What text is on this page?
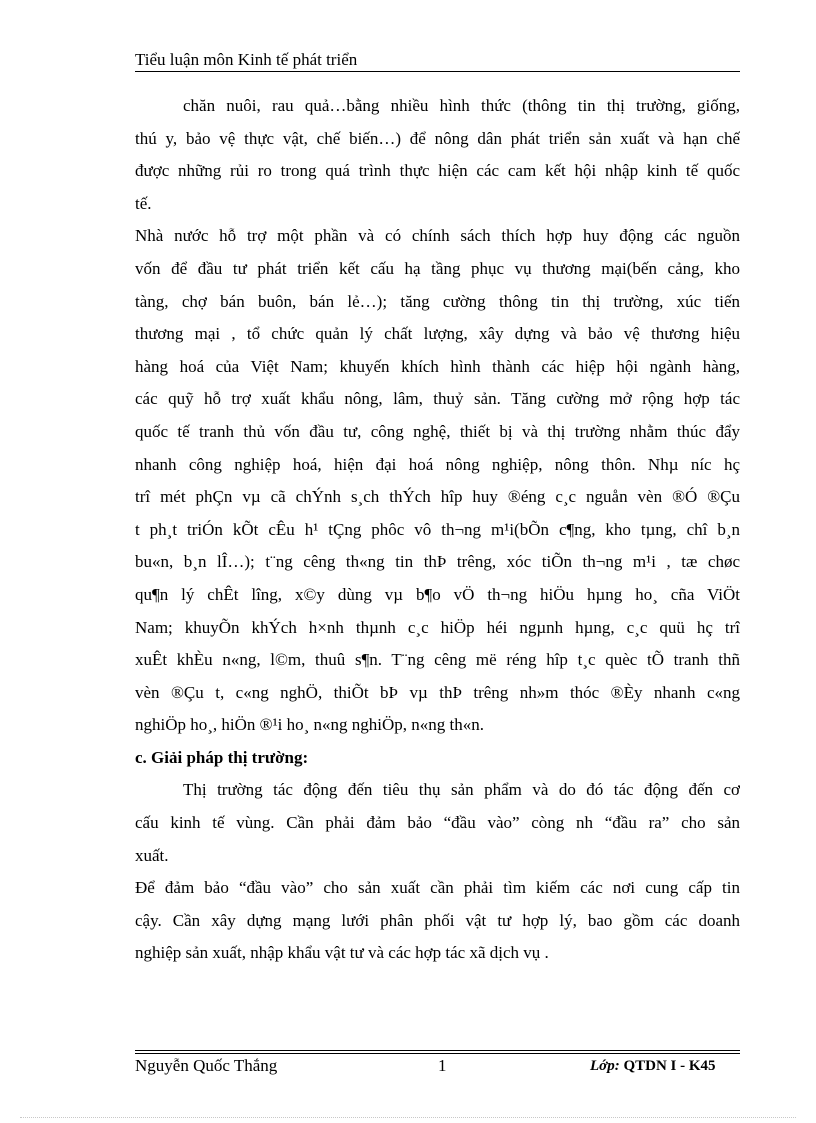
Tiểu luận môn Kinh tế phát triển
chăn nuôi, rau quả…bằng nhiều hình thức (thông tin thị trường, giống,
thú y, bảo vệ thực vật, chế biến…) để nông dân phát triển sản xuất và hạn chế
được những rủi ro trong quá trình thực hiện các cam kết hội nhập kinh tế quốc
tế.
Nhà nước hỗ trợ một phần và có chính sách thích hợp huy động các nguồn
vốn để đầu tư phát triển kết cấu hạ tầng phục vụ thương mại(bến cảng, kho
tàng, chợ bán buôn, bán lẻ…); tăng cường thông tin thị trường, xúc tiến
thương mại , tổ chức quản lý chất lượng, xây dựng và bảo vệ thương hiệu
hàng hoá của Việt Nam; khuyến khích hình thành các hiệp hội ngành hàng,
các quỹ hỗ trợ xuất khẩu nông, lâm, thuỷ sản. Tăng cường mở rộng hợp tác
quốc tế tranh thủ vốn đầu tư, công nghệ, thiết bị và thị trường nhằm thúc đẩy
nhanh công nghiệp hoá, hiện đại hoá nông nghiệp, nông thôn. Nhµ níc hç
trî mét phÇn vµ cã chÝnh s¸ch thÝch hîp huy ®éng c¸c nguån vèn ®Ó ®Çu
t ph¸t triÓn kÕt cÊu h¹ tÇng phôc vô th¬ng m¹i(bÕn c¶ng, kho tµng, chî b¸n
bu«n, b¸n lÎ…); t¨ng cêng th«ng tin thÞ trêng, xóc tiÕn th¬ng m¹i , tæ chøc
qu¶n lý chÊt lîng, x©y dùng vµ b¶o vÖ th¬ng hiÖu hµng ho¸ cña ViÖt
Nam; khuyÕn khÝch h×nh thµnh c¸c hiÖp héi ngµnh hµng, c¸c quü hç trî
xuÊt khÈu n«ng, l©m, thuû s¶n. T¨ng cêng më réng hîp t¸c quèc tÕ tranh thñ
vèn ®Çu t, c«ng nghÖ, thiÕt bÞ vµ thÞ trêng nh»m thóc ®Èy nhanh c«ng
nghiÖp ho¸, hiÖn ®¹i ho¸ n«ng nghiÖp, n«ng th«n.
c. Giải pháp thị trường:
Thị trường tác động đến tiêu thụ sản phẩm và do đó tác động đến cơ
cấu kinh tế vùng. Cần phải đảm bảo “đầu vào” còng nh “đầu ra” cho sản
xuất.
Để đảm bảo “đầu vào” cho sản xuất cần phải tìm kiếm các nơi cung cấp tin
cậy. Cần xây dựng mạng lưới phân phối vật tư hợp lý, bao gồm các doanh
nghiệp sản xuất, nhập khẩu vật tư và các hợp tác xã dịch vụ .
Nguyễn Quốc Thắng	1	Lớp: QTDN I - K45
